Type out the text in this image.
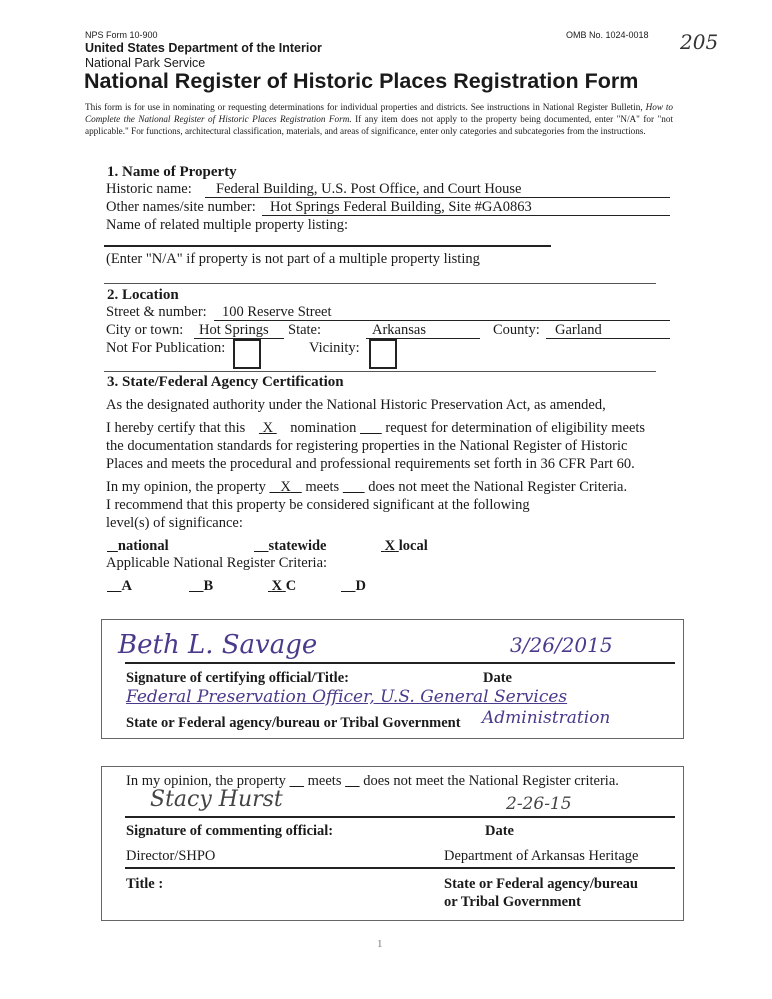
NPS Form 10-900	OMB No. 1024-0018 205
United States Department of the Interior
National Park Service
National Register of Historic Places Registration Form
This form is for use in nominating or requesting determinations for individual properties and districts. See instructions in National Register Bulletin, How to Complete the National Register of Historic Places Registration Form. If any item does not apply to the property being documented, enter "N/A" for "not applicable." For functions, architectural classification, materials, and areas of significance, enter only categories and subcategories from the instructions.
1. Name of Property
Historic name: Federal Building, U.S. Post Office, and Court House
Other names/site number: Hot Springs Federal Building, Site #GA0863
Name of related multiple property listing:
(Enter "N/A" if property is not part of a multiple property listing
2. Location
Street & number: 100 Reserve Street
City or town: Hot Springs State:	Arkansas	County: Garland
Not For Publication:	Vicinity:
3. State/Federal Agency Certification
As the designated authority under the National Historic Preservation Act, as amended,
I hereby certify that this X nomination request for determination of eligibility meets
the documentation standards for registering properties in the National Register of Historic
Places and meets the procedural and professional requirements set forth in 36 CFR Part 60.
In my opinion, the property X meets does not meet the National Register Criteria.
I recommend that this property be considered significant at the following
level(s) of significance:
national	statewide	X local
Applicable National Register Criteria:
A	B	X C	D
Beth L. Savage	3/26/2015
Signature of certifying official/Title:	Date
Federal Preservation Officer, U.S. General Services
State or Federal agency/bureau or Tribal Government Administration
In my opinion, the property meets does not meet the National Register criteria.
Stacy Hurst	2-26-15
Signature of commenting official:	Date
Director/SHPO	Department of Arkansas Heritage
Title :	State or Federal agency/bureau
or Tribal Government
1
